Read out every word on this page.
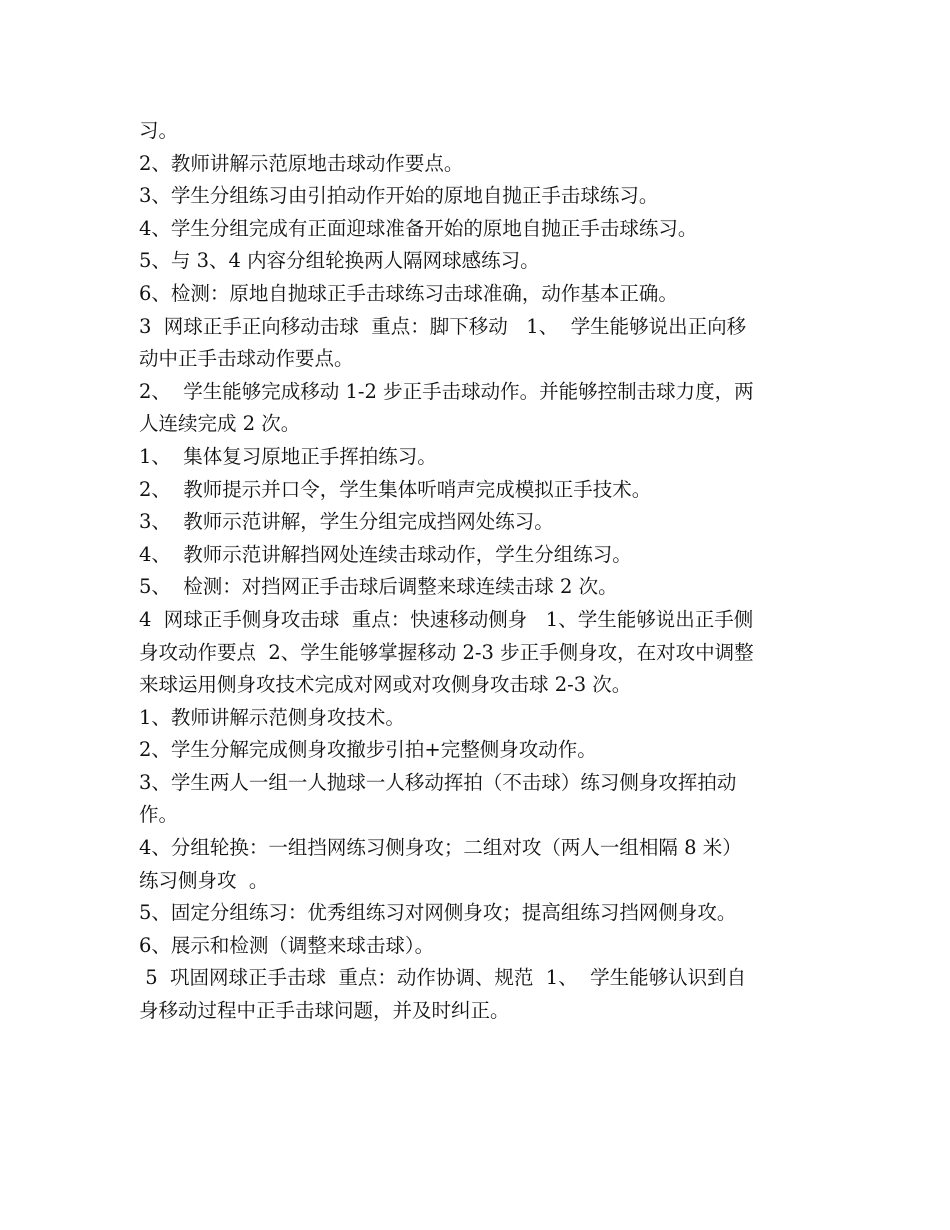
习。

2、教师讲解示范原地击球动作要点。

3、学生分组练习由引拍动作开始的原地自抛正手击球练习。

4、学生分组完成有正面迎球准备开始的原地自抛正手击球练习。

5、与 3、4 内容分组轮换两人隔网球感练习。

6、检测：原地自抛球正手击球练习击球准确，动作基本正确。

3  网球正手正向移动击球  重点：脚下移动   1、  学生能够说出正向移

动中正手击球动作要点。

2、  学生能够完成移动 1-2 步正手击球动作。并能够控制击球力度，两

人连续完成 2 次。

1、  集体复习原地正手挥拍练习。

2、  教师提示并口令，学生集体听哨声完成模拟正手技术。

3、  教师示范讲解，学生分组完成挡网处练习。

4、  教师示范讲解挡网处连续击球动作，学生分组练习。

5、  检测：对挡网正手击球后调整来球连续击球 2 次。

4  网球正手侧身攻击球  重点：快速移动侧身   1、学生能够说出正手侧

身攻动作要点  2、学生能够掌握移动 2-3 步正手侧身攻，在对攻中调整

来球运用侧身攻技术完成对网或对攻侧身攻击球 2-3 次。

1、教师讲解示范侧身攻技术。

2、学生分解完成侧身攻撤步引拍+完整侧身攻动作。

3、学生两人一组一人抛球一人移动挥拍（不击球）练习侧身攻挥拍动

作。

4、分组轮换：一组挡网练习侧身攻；二组对攻（两人一组相隔 8 米）

练习侧身攻  。

5、固定分组练习：优秀组练习对网侧身攻；提高组练习挡网侧身攻。

6、展示和检测（调整来球击球）。

5  巩固网球正手击球  重点：动作协调、规范  1、  学生能够认识到自

身移动过程中正手击球问题，并及时纠正。
